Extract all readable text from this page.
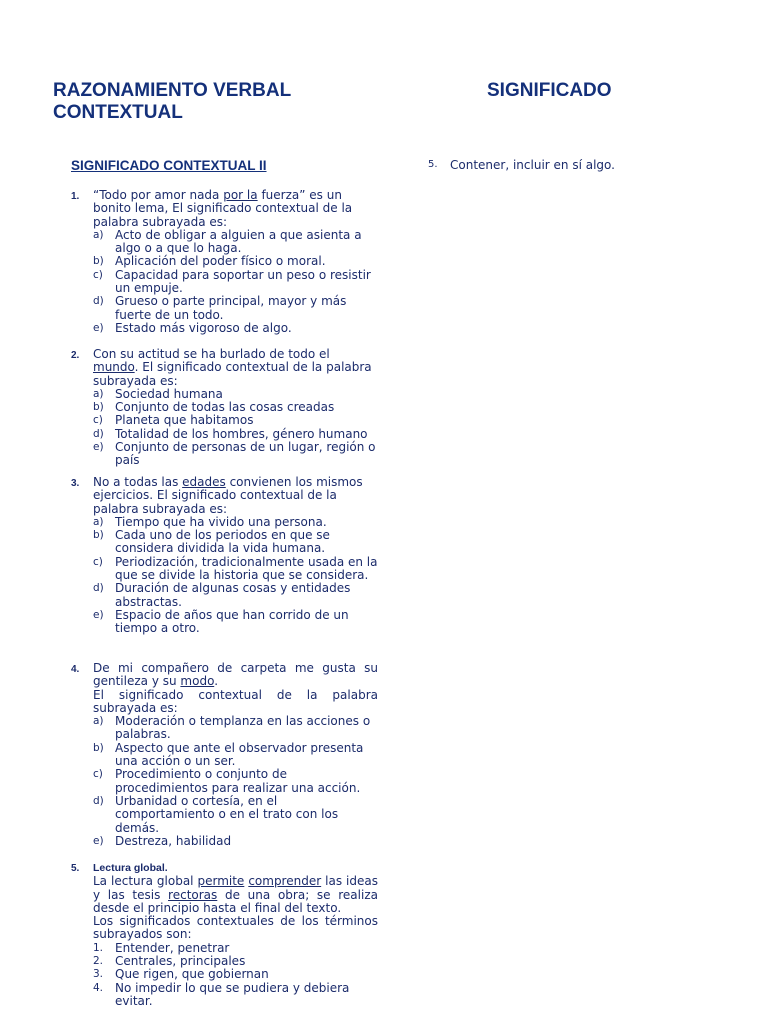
RAZONAMIENTO VERBAL CONTEXTUAL
SIGNIFICADO
SIGNIFICADO CONTEXTUAL II
1.	“Todo por amor nada por la fuerza” es un bonito lema, El significado contextual de la palabra subrayada es:
a) Acto de obligar a alguien a que asienta a algo o a que lo haga.
b) Aplicación del poder físico o moral.
c)	Capacidad para soportar un peso o resistir un empuje.
d) Grueso o parte principal, mayor y más fuerte de un todo.
e) Estado más vigoroso de algo.
2.	Con su actitud se ha burlado de todo el mundo. El significado contextual de la palabra subrayada es:
a) Sociedad humana
b) Conjunto de todas las cosas creadas
c)	Planeta que habitamos
d) Totalidad de los hombres, género humano
e) Conjunto de personas de un lugar, región o país
3.	No a todas las edades convienen los mismos ejercicios. El significado contextual de la palabra subrayada es:
a) Tiempo que ha vivido una persona.
b) Cada uno de los periodos en que se considera dividida la vida humana.
c)	Periodización, tradicionalmente usada en la que se divide la historia que se considera.
d) Duración de algunas cosas y entidades abstractas.
e) Espacio de años que han corrido de un tiempo a otro.
4.	De mi compañero de carpeta me gusta su gentileza y su modo.
El significado contextual de la palabra subrayada es:
a) Moderación o templanza en las acciones o palabras.
b) Aspecto que ante el observador presenta una acción o un ser.
c)	Procedimiento o conjunto de procedimientos para realizar una acción.
d) Urbanidad o cortesía, en el comportamiento o en el trato con los demás.
e) Destreza, habilidad
5.	Lectura global.
La lectura global permite comprender las ideas y las tesis rectoras de una obra; se realiza desde el principio hasta el final del texto.
Los significados contextuales de los términos subrayados son:
1. Entender, penetrar
2. Centrales, principales
3. Que rigen, que gobiernan
4. No impedir lo que se pudiera y debiera evitar.
5.	Contener, incluir en sí algo.
